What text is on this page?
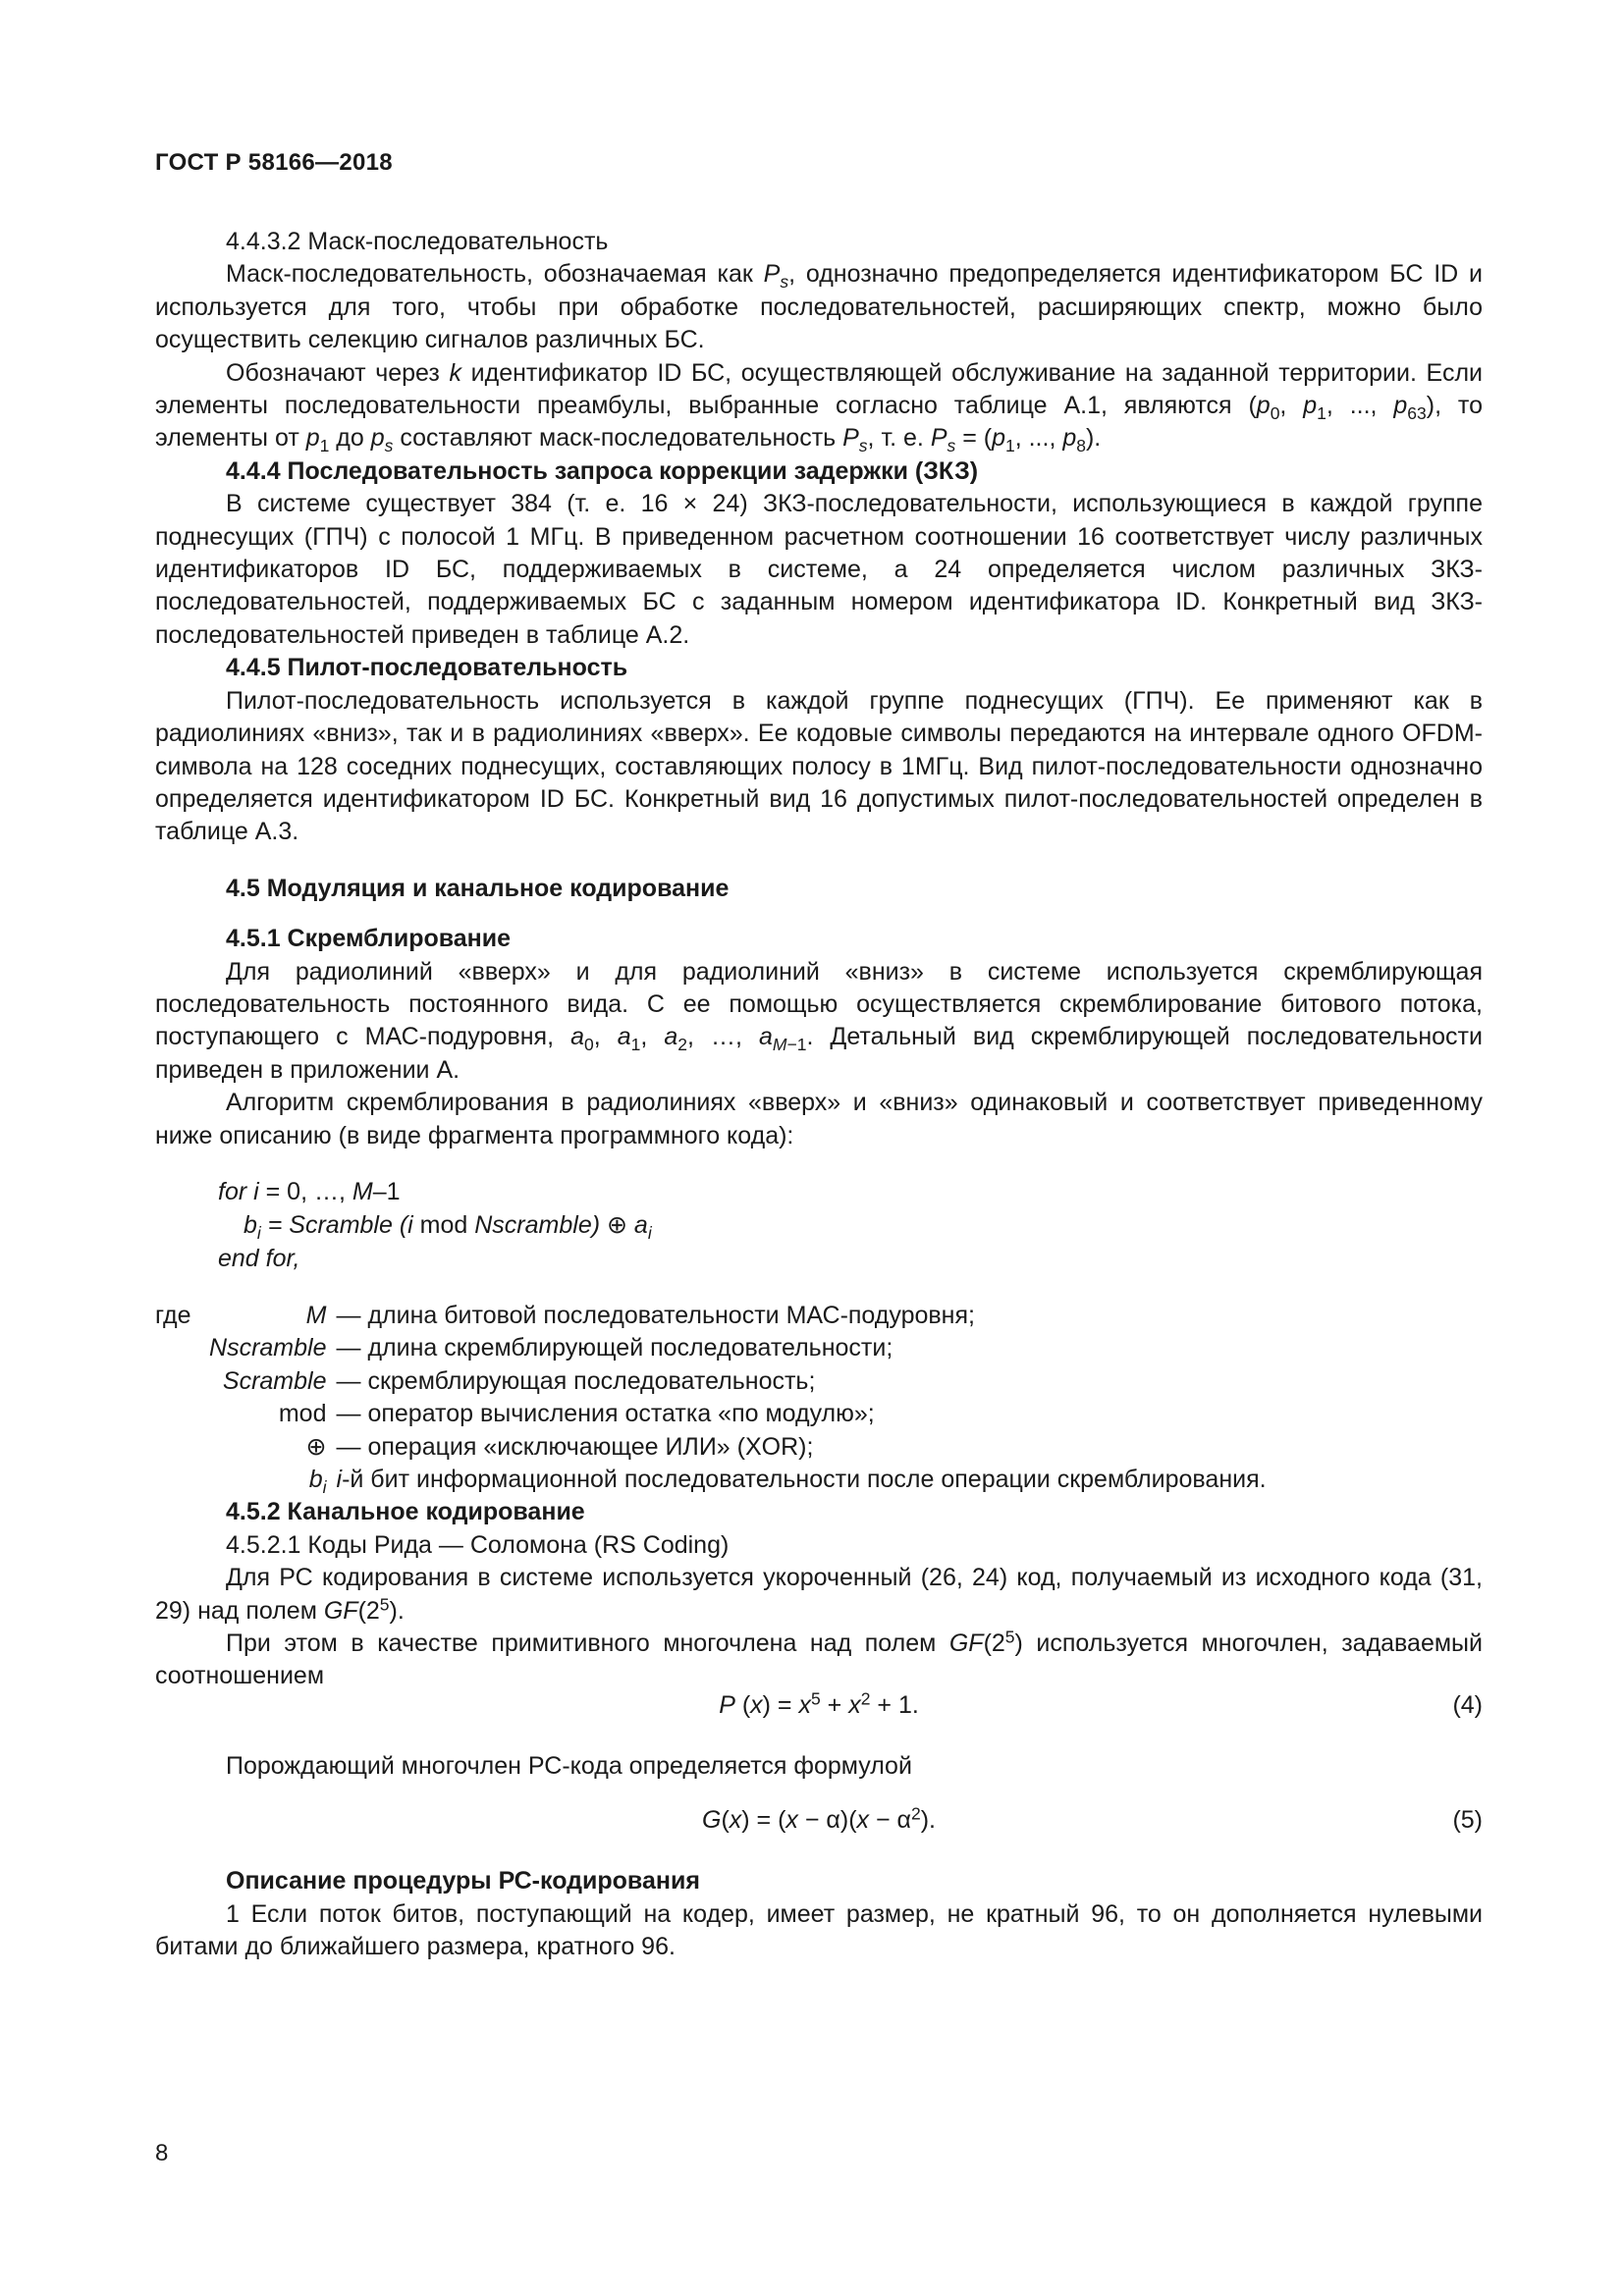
ГОСТ Р 58166—2018

4.4.3.2 Маск-последовательность

Маск-последовательность, обозначаемая как $P_s$, однозначно предопределяется идентификатором БС ID и используется для того, чтобы при обработке последовательностей, расширяющих спектр, можно было осуществить селекцию сигналов различных БС.

Обозначают через k идентификатор ID БС, осуществляющей обслуживание на заданной территории. Если элементы последовательности преамбулы, выбранные согласно таблице А.1, являются ($p_0$, $p_1$, ..., $p_{63}$), то элементы от $p_1$ до $p_s$ составляют маск-последовательность $P_s$, т. е. $P_s = (p_1$, ..., $p_8$).

4.4.4 Последовательность запроса коррекции задержки (ЗКЗ)

В системе существует 384 (т. е. 16 × 24) ЗКЗ-последовательности, использующиеся в каждой группе поднесущих (ГПЧ) с полосой 1 МГц. В приведенном расчетном соотношении 16 соответствует числу различных идентификаторов ID БС, поддерживаемых в системе, а 24 определяется числом различных ЗКЗ-последовательностей, поддерживаемых БС с заданным номером идентификатора ID. Конкретный вид ЗКЗ-последовательностей приведен в таблице А.2.

4.4.5 Пилот-последовательность

Пилот-последовательность используется в каждой группе поднесущих (ГПЧ). Ее применяют как в радиолиниях «вниз», так и в радиолиниях «вверх». Ее кодовые символы передаются на интервале одного OFDM-символа на 128 соседних поднесущих, составляющих полосу в 1МГц. Вид пилот-последовательности однозначно определяется идентификатором ID БС. Конкретный вид 16 допустимых пилот-последовательностей определен в таблице А.3.

4.5 Модуляция и канальное кодирование
4.5.1 Скремблирование

Для радиолиний «вверх» и для радиолиний «вниз» в системе используется скремблирующая последовательность постоянного вида. С ее помощью осуществляется скремблирование битового потока, поступающего с МАС-подуровня, $a_0$, $a_1$, $a_2$, …, $a_{M-1}$. Детальный вид скремблирующей последовательности приведен в приложении А.

Алгоритм скремблирования в радиолиниях «вверх» и «вниз» одинаковый и соответствует приведенному ниже описанию (в виде фрагмента программного кода):

for i = 0, …, M–1
$b_i$ = Scramble (i mod Nscramble) ⊕ $a_i$
end for,
где	M	— длина битовой последовательности МАС-подуровня;
	Nscramble	— длина скремблирующей последовательности;
	Scramble	— скремблирующая последовательность;
	mod	— оператор вычисления остатка «по модулю»;
	⊕	— операция «исключающее ИЛИ» (XOR);
	$b_i$	i-й бит информационной последовательности после операции скремблирования.
4.5.2 Канальное кодирование

4.5.2.1 Коды Рида — Соломона (RS Coding)

Для РС кодирования в системе используется укороченный (26, 24) код, получаемый из исходного кода (31, 29) над полем $GF(2^5)$.

При этом в качестве примитивного многочлена над полем $GF(2^5)$ используется многочлен, задаваемый соотношением

P $(x) = x^5 + x^2 + 1$.	(4)

Порождающий многочлен РС-кода определяется формулой

$G(x) = (x - \alpha)(x - \alpha^2)$.	(5)
Описание процедуры РС-кодирования

1 Если поток битов, поступающий на кодер, имеет размер, не кратный 96, то он дополняется нулевыми битами до ближайшего размера, кратного 96.

8
